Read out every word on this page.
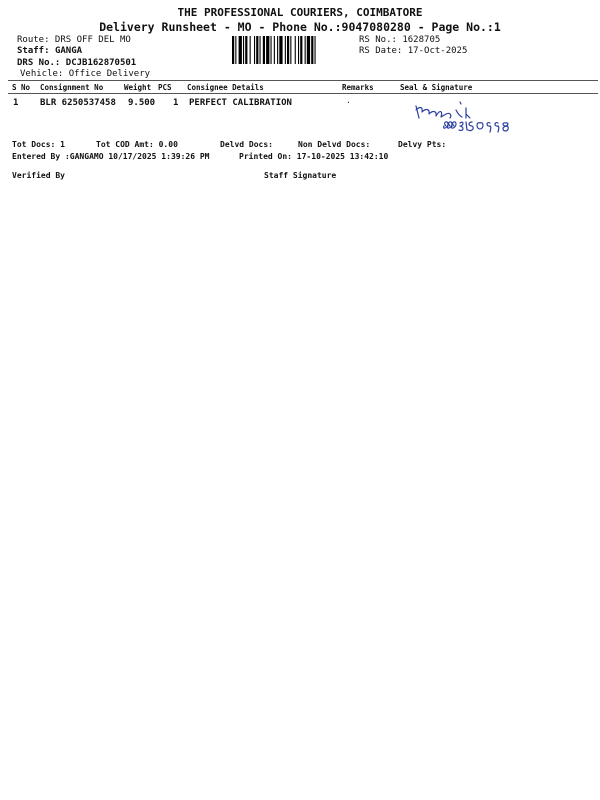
THE PROFESSIONAL COURIERS, COIMBATORE
Delivery Runsheet - MO - Phone No.:9047080280 - Page No.:1
Route: DRS OFF DEL MO
Staff: GANGA
DRS No.: DCJB162870501
Vehicle: Office Delivery
RS No.: 1628705
RS Date: 17-Oct-2025
S No Consignment No	Weight PCS Consignee Details	Remarks	Seal & Signature
1 BLR 6250537458 9.500 1 PERFECT CALIBRATION	.
Tot Docs: 1	Tot COD Amt: 0.00	Delvd Docs:	Non Delvd Docs:	Delvy Pts:
Entered By :GANGAMO 10/17/2025 1:39:26 PM	Printed On: 17-10-2025 13:42:10
Verified By	Staff Signature
